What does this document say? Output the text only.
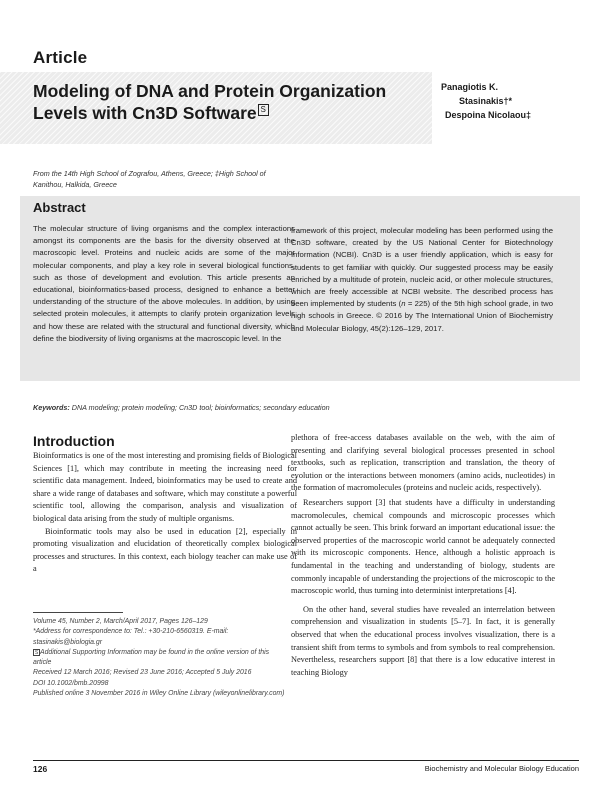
Article
Modeling of DNA and Protein Organization
Levels with Cn3D Software S
Panagiotis K.
Stasinakis†*
Despoina Nicolaou‡
From the 14th High School of Zografou, Athens, Greece; ‡High School of Kanithou, Halkida, Greece
Abstract
The molecular structure of living organisms and the complex interactions amongst its components are the basis for the diversity observed at the macroscopic level. Proteins and nucleic acids are some of the major molecular components, and play a key role in several biological functions, such as those of development and evolution. This article presents an educational, bioinformatics-based process, designed to enhance a better understanding of the structure of the above molecules. In addition, by using selected protein molecules, it attempts to clarify protein organization levels and how these are related with the structural and functional diversity, which define the biodiversity of living organisms at the macroscopic level. In the
framework of this project, molecular modeling has been performed using the Cn3D software, created by the US National Center for Biotechnology Information (NCBI). Cn3D is a user friendly application, which is easy for students to get familiar with quickly. Our suggested process may be easily enriched by a multitude of protein, nucleic acid, or other molecule structures, which are freely accessible at NCBI website. The described process has been implemented by students (n = 225) of the 5th high school grade, in two high schools in Greece. © 2016 by The International Union of Biochemistry and Molecular Biology, 45(2):126–129, 2017.
Keywords: DNA modeling; protein modeling; Cn3D tool; bioinformatics; secondary education
Introduction

Bioinformatics is one of the most interesting and promising fields of Biological Sciences [1], which may contribute in meeting the increasing need for scientific data management. Indeed, bioinformatics may be used to create and share a wide range of databases and software, which may constitute a powerful scientific tool, allowing the comparison, analysis and visualization of biological data arising from the study of multiple organisms.

Bioinformatic tools may also be used in education [2], especially in promoting visualization and elucidation of theoretically complex biological processes and structures. In this context, each biology teacher can make use of a

plethora of free-access databases available on the web, with the aim of presenting and clarifying several biological processes presented in school textbooks, such as replication, transcription and translation, the theory of evolution or the interactions between monomers (amino acids, nucleotides) in the formation of macromolecules (proteins and nucleic acids, respectively).

Researchers support [3] that students have a difficulty in understanding macromolecules, chemical compounds and microscopic processes which cannot actually be seen. This brink forward an important educational issue: the observed properties of the macroscopic world cannot be adequately connected with its microscopic components. Hence, although a holistic approach is fundamental in the teaching and understanding of biology, students are commonly incapable of understanding the projections of the microscopic to the macroscopic world, thus turning into determinist interpretations [4].

On the other hand, several studies have revealed an interrelation between comprehension and visualization in students [5–7]. In fact, it is generally observed that when the educational process involves visualization, there is a transient shift from terms to symbols and from symbols to real comprehension. Nevertheless, researchers support [8] that there is a low educative interest in teaching Biology

Volume 45, Number 2, March/April 2017, Pages 126–129

*Address for correspondence to: Tel.: +30-210-6560319. E-mail: stasinakis@biologia.gr

S Additional Supporting Information may be found in the online version of this article

Received 12 March 2016; Revised 23 June 2016; Accepted 5 July 2016

DOI 10.1002/bmb.20998

Published online 3 November 2016 in Wiley Online Library (wileyonlinelibrary.com)

126	Biochemistry and Molecular Biology Education
